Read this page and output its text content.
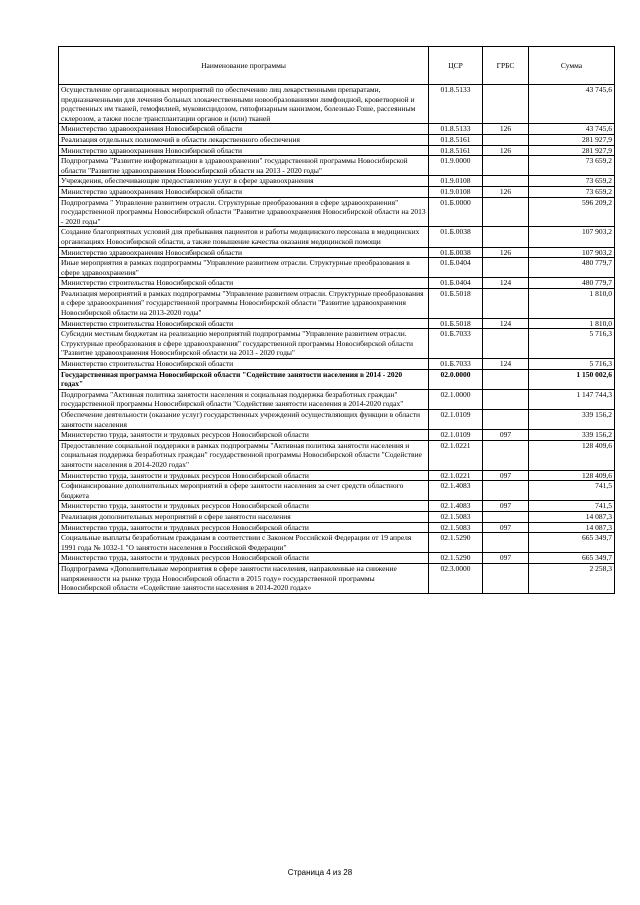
Наименование программы	ЦСР	ГРБС	Сумма
Осуществление организационных мероприятий по обеспечению лиц лекарственными препаратами, предназначенными для лечения больных злокачественными новообразованиями лимфоидной, кроветворной и родственных им тканей, гемофилией, муковисцидозом, гипофизарным нанизмом, болезнью Гоше, рассеянным склерозом, а также после трансплантации органов и (или) тканей	01.8.5133		43 745,6
Министерство здравоохранения Новосибирской области	01.8.5133	126	43 745,6
Реализация отдельных полномочий в области лекарственного обеспечения	01.8.5161		281 927,9
Министерство здравоохранения Новосибирской области	01.8.5161	126	281 927,9
Подпрограмма "Развитие информатизации в здравоохранении" государственной программы Новосибирской области "Развитие здравоохранения Новосибирской области на 2013 - 2020 годы"	01.9.0000		73 659,2
Учреждения, обеспечивающие предоставление услуг в сфере здравоохранения	01.9.0108		73 659,2
Министерство здравоохранения Новосибирской области	01.9.0108	126	73 659,2
Подпрограмма " Управление развитием отрасли. Структурные преобразования в сфере здравоохранения" государственной программы Новосибирской области "Развитие здравоохранения Новосибирской области на 2013 - 2020 годы"	01.Б.0000		596 209,2
Создание благоприятных условий для пребывания пациентов и работы медицинского персонала в медицинских организациях Новосибирской области, а также повышение качества оказания медицинской помощи	01.Б.0038		107 903,2
Министерство здравоохранения Новосибирской области	01.Б.0038	126	107 903,2
Иные мероприятия в рамках подпрограммы "Управление развитием отрасли. Структурные преобразования в сфере здравоохранения"	01.Б.0404		480 779,7
Министерство строительства Новосибирской области	01.Б.0404	124	480 779,7
Реализация мероприятий в рамках подпрограммы "Управление развитием отрасли. Структурные преобразования в сфере здравоохранения" государственной программы Новосибирской области "Развитие здравоохранения Новосибирской области на 2013-2020 годы"	01.Б.5018		1 810,0
Министерство строительства Новосибирской области	01.Б.5018	124	1 810,0
Субсидии местным бюджетам на реализацию мероприятий подпрограммы "Управление развитием отрасли. Структурные преобразования в сфере здравоохранения" государственной программы Новосибирской области "Развитие здравоохранения Новосибирской области на 2013 - 2020 годы"	01.Б.7033		5 716,3
Министерство строительства Новосибирской области	01.Б.7033	124	5 716,3
Государственная программа Новосибирской области "Содействие занятости населения в 2014 - 2020 годах"	02.0.0000		1 150 002,6
Подпрограмма "Активная политика занятости населения и социальная поддержка безработных граждан" государственной программы Новосибирской области "Содействие занятости населения в 2014-2020 годах"	02.1.0000		1 147 744,3
Обеспечение деятельности (оказание услуг) государственных учреждений осуществляющих функции в области занятости населения	02.1.0109		339 156,2
Министерство труда, занятости и трудовых ресурсов Новосибирской области	02.1.0109	097	339 156,2
Предоставление социальной поддержки в рамках подпрограммы "Активная политика занятости населения и социальная поддержка безработных граждан" государственной программы Новосибирской области "Содействие занятости населения в 2014-2020 годах"	02.1.0221		128 409,6
Министерство труда, занятости и трудовых ресурсов Новосибирской области	02.1.0221	097	128 409,6
Софинансирование дополнительных мероприятий в сфере занятости населения за счет средств областного бюджета	02.1.4083		741,5
Министерство труда, занятости и трудовых ресурсов Новосибирской области	02.1.4083	097	741,5
Реализация дополнительных мероприятий в сфере занятости населения	02.1.5083		14 087,3
Министерство труда, занятости и трудовых ресурсов Новосибирской области	02.1.5083	097	14 087,3
Социальные выплаты безработным гражданам в соответствии с Законом Российской Федерации от 19 апреля 1991 года № 1032-1 "О занятости населения в Российской Федерации"	02.1.5290		665 349,7
Министерство труда, занятости и трудовых ресурсов Новосибирской области	02.1.5290	097	665 349,7
Подпрограмма «Дополнительные мероприятия в сфере занятости населения, направленные на снижение напряженности на рынке труда Новосибирской области в 2015 году» государственной программы Новосибирской области «Содействие занятости населения в 2014-2020 годах»	02.3.0000		2 258,3
Страница 4 из 28
